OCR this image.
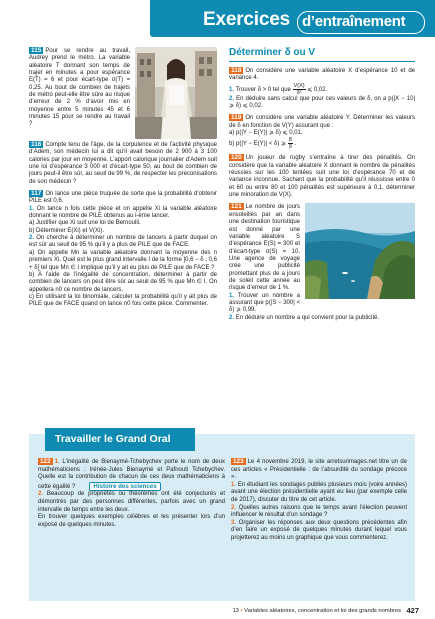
Exercices d’entraînement
115 Pour se rendre au travail, Audrey prend le métro. La variable aléatoire T donnant son temps de trajet en minutes a pour espérance E(T) = 6 et pour écart-type σ(T) = 0,25. Au bout de combien de trajets de métro peut-elle être sûre au risque d’erreur de 2 % d’avoir mis en moyenne entre 5 minutes 45 et 6 minutes 15 pour se rendre au travail ?
116 Compte tenu de l’âge, de la corpulence et de l’activité physique d’Adem, son médecin lui a dit qu’il avait besoin de 2 900 à 3 100 calories par jour en moyenne. L’apport calorique journalier d’Adem suit une loi d’espérance 3 000 et d’écart-type 50, au bout de combien de jours peut-il être sûr, au seuil de 99 %, de respecter les préconisations de son médecin ?
117 On lance une pièce truquée de sorte que la probabilité d’obtenir PILE est 0,6.
1. On lance n fois cette pièce et on appelle Xi la variable aléatoire donnant le nombre de PILE obtenus au i-ème lancer.
a) Justifier que Xi suit une loi de Bernoulli.
b) Déterminer E(Xi) et V(Xi).
2. On cherche à déterminer un nombre de lancers à partir duquel on est sûr au seuil de 95 % qu’il y a plus de PILE que de FACE.
a) On appelle Mn la variable aléatoire donnant la moyenne des n premiers Xi. Quel est le plus grand intervalle I de la forme ]0,6 − δ ; 0,6 + δ[ tel que Mn ∈ I implique qu’il y ait eu plus de PILE que de FACE ?
b) À l’aide de l’inégalité de concentration, déterminer à partir de combien de lancers on peut être sûr au seuil de 95 % que Mn ∈ I. On appellera n0 ce nombre de lancers.
c) En utilisant la loi binomiale, calculer la probabilité qu’il y ait plus de PILE que de FACE quand on lance n0 fois cette pièce. Commenter.
Déterminer δ ou V
118 On considère une variable aléatoire X d’espérance 10 et de variance 4.
1. Trouver δ > 0 tel que $\frac{V(X)}{\text{δ²}}$ ⩽ 0,02.
2. En déduire sans calcul que pour ces valeurs de δ, on a p(|X − 10| ⩾ δ) ⩽ 0,02.
119 On considère une variable aléatoire Y. Déterminer les valeurs de δ en fonction de V(Y) assurant que :
a) p(|Y − E(Y)| ⩾ δ) ⩽ 0,01.
b) p(|Y − E(Y)| < δ) ⩾ $\frac{8}{9}$ .
120 Un joueur de rugby s’entraîne à tirer des pénalités. On considère que la variable aléatoire X donnant le nombre de pénalités réussies sur les 100 tentées suit une loi d’espérance 70 et de variance inconnue. Sachant que la probabilité qu’il réussisse entre 0 et 60 ou entre 80 et 100 pénalités est supérieure à 0,1, déterminer une minoration de V(X).
121 Le nombre de jours ensoleillés par an dans une destination touristique est donné par une variable aléatoire S d’espérance E(S) = 300 et d’écart-type σ(S) = 10. Une agence de voyage crée une publicité promettant plus de a jours de soleil cette année au risque d’erreur de 1 %.
1. Trouver un nombre a assurant que p(|S − 300| < δ) ⩾ 0,99.
2. En déduire un nombre a qui convient pour la publicité.
Travailler le Grand Oral
122 1. L’inégalité de Bienaymé-Tchebychev porte le nom de deux mathématiciens : Irénée-Jules Bienaymé et Pafnouti Tchebychev. Quelle est la contribution de chacun de ces deux mathématiciens à cette égalité ?	Histoire des sciences
2. Beaucoup de propriétés ou théorèmes ont été conjecturés et démontrés par des personnes différentes, parfois avec un grand intervalle de temps entre les deux.
En trouver quelques exemples célèbres et les présenter lors d’un exposé de quelques minutes.
123 Le 4 novembre 2019, le site arretsurimages.net titre un de ces articles « Présidentielle : de l’absurdité du sondage précoce ».
1. En étudiant les sondages publiés plusieurs mois (voire années) avant une élection présidentielle ayant eu lieu (par exemple celle de 2017), discuter du titre de cet article.
2. Quelles autres raisons que le temps avant l’élection peuvent influencer le résultat d’un sondage ?
3. Organiser les réponses aux deux questions précédentes afin d’en faire un exposé de quelques minutes durant lequel vous projetterez au moins un graphique que vous commenterez.
13 • Variables aléatoires, concentration et loi des grands nombres 427
